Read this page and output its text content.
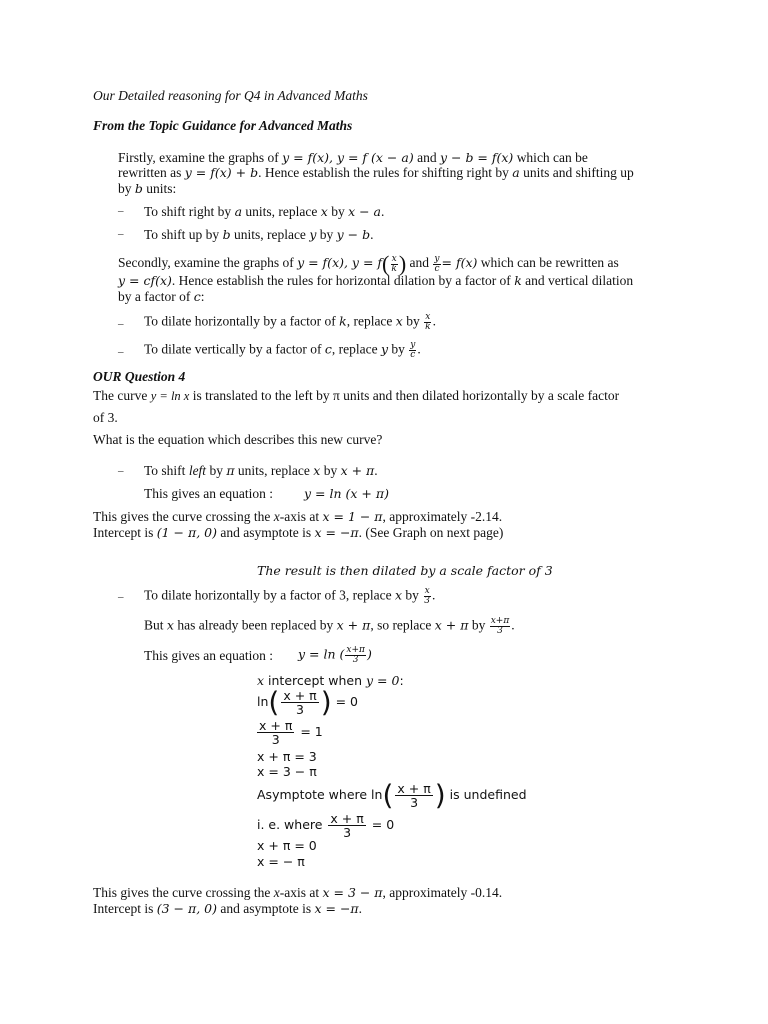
Our Detailed reasoning for Q4 in Advanced Maths
From the Topic Guidance for Advanced Maths
Firstly, examine the graphs of y = f(x), y = f (x − a) and y − b = f(x) which can be
rewritten as y = f(x) + b. Hence establish the rules for shifting right by a units and shifting up
by b units:
– To shift right by a units, replace x by x − a.
– To shift up by b units, replace y by y − b.
Secondly, examine the graphs of y = f(x), $y = f( \frac{x}{k}$ ) and $\frac{y}{c} = f(x)$ which can be rewritten as
y = cf(x). Hence establish the rules for horizontal dilation by a factor of k and vertical dilation
by a factor of c:
– To dilate horizontally by a factor of k, replace x by $\frac{x}{k}$ .
– To dilate vertically by a factor of c, replace y by $\frac{y}{c}$ .
OUR Question 4
The curve y = ln x is translated to the left by π units and then dilated horizontally by a scale factor
of 3.
What is the equation which describes this new curve?
– To shift left by π units, replace x by x + π.
This gives an equation : y = ln (x + π)
This gives the curve crossing the x-axis at x = 1 − π, approximately -2.14.
Intercept is (1 − π, 0) and asymptote is x = −π. (See Graph on next page)
The result is then dilated by a scale factor of 3
– To dilate horizontally by a factor of 3, replace x by $\frac{x}{3}$ .
But x has already been replaced by x + π, so replace x + π by $\frac{x+\pi}{3}$ .
This gives an equation : y = ln ( $\frac{x+\pi}{3}$ )
x intercept when y = 0:
$\ln( \frac{x + \pi}{3}$ ) = 0
$\frac{x + \pi}{3} = 1$
x + π = 3
x = 3 − π
Asymptote where $\ln( \frac{x + \pi}{3}$ ) is undefined
i. e. where $\frac{x + \pi}{3} = 0$
x + π = 0
x = − π
This gives the curve crossing the x-axis at x = 3 − π, approximately -0.14.
Intercept is (3 − π, 0) and asymptote is x = −π.
